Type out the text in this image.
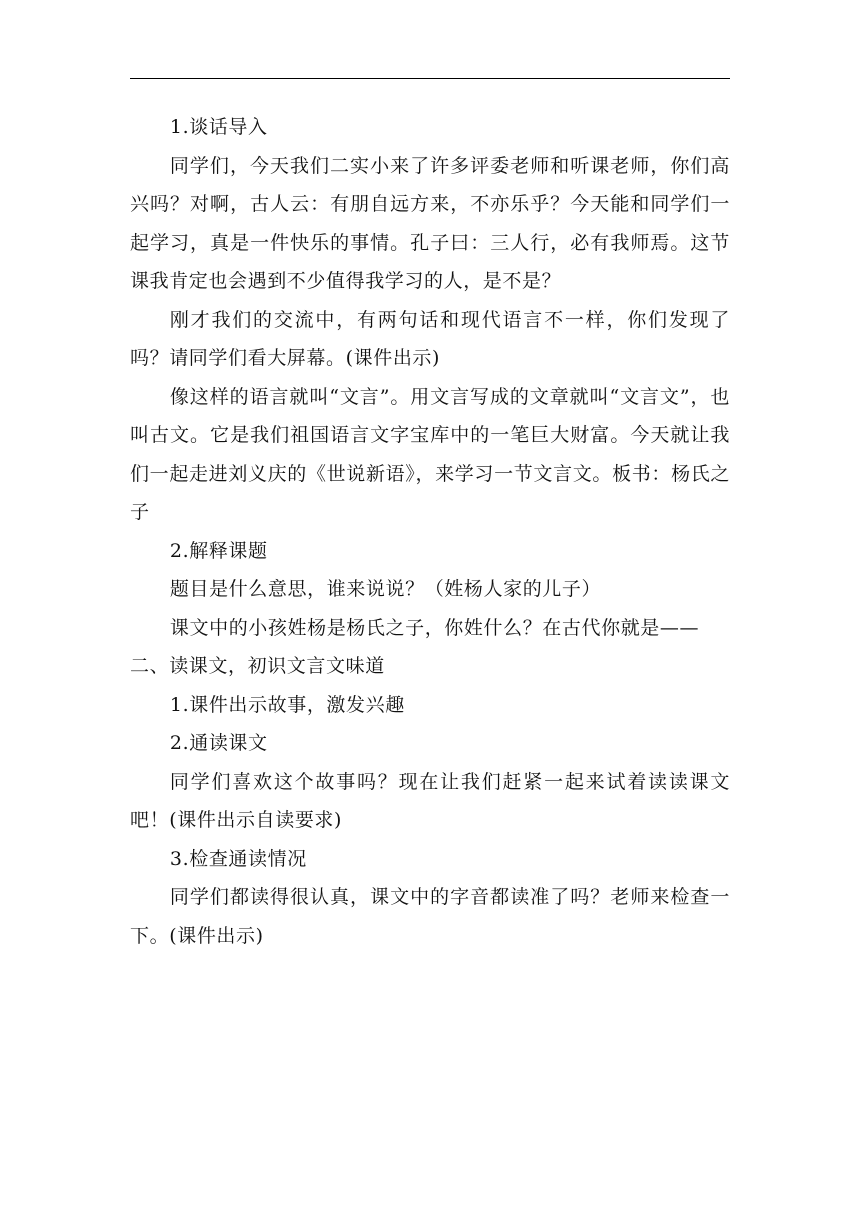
1.谈话导入

同学们，今天我们二实小来了许多评委老师和听课老师，你们高兴吗？对啊，古人云：有朋自远方来，不亦乐乎？今天能和同学们一起学习，真是一件快乐的事情。孔子曰：三人行，必有我师焉。这节课我肯定也会遇到不少值得我学习的人，是不是？

刚才我们的交流中，有两句话和现代语言不一样，你们发现了吗？请同学们看大屏幕。(课件出示)

像这样的语言就叫“文言”。用文言写成的文章就叫“文言文”，也叫古文。它是我们祖国语言文字宝库中的一笔巨大财富。今天就让我们一起走进刘义庆的《世说新语》，来学习一节文言文。板书：杨氏之子

2.解释课题

题目是什么意思，谁来说说？（姓杨人家的儿子）

课文中的小孩姓杨是杨氏之子，你姓什么？在古代你就是——

二、读课文，初识文言文味道

1.课件出示故事，激发兴趣

2.通读课文

同学们喜欢这个故事吗？现在让我们赶紧一起来试着读读课文吧！(课件出示自读要求)

3.检查通读情况

同学们都读得很认真，课文中的字音都读准了吗？老师来检查一下。(课件出示)
